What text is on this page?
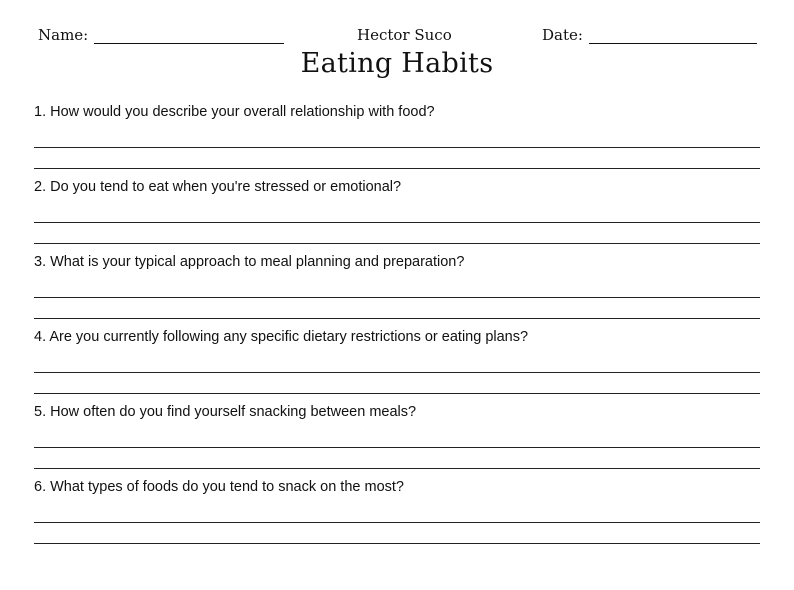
Name:	Hector Suco	Date:
Eating Habits
1. How would you describe your overall relationship with food?
2. Do you tend to eat when you're stressed or emotional?
3. What is your typical approach to meal planning and preparation?
4. Are you currently following any specific dietary restrictions or eating plans?
5. How often do you find yourself snacking between meals?
6. What types of foods do you tend to snack on the most?
